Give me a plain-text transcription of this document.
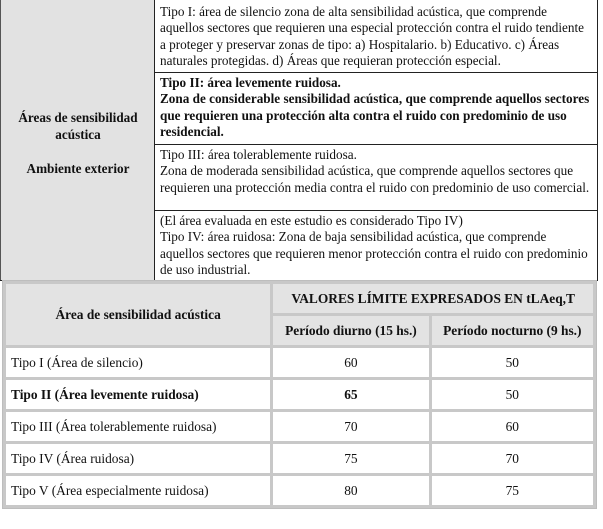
Áreas de sensibilidad acústica
Ambiente exterior
	Tipo I: área de silencio zona de alta sensibilidad acústica, que comprende aquellos sectores que requieren una especial protección contra el ruido tendiente a proteger y preservar zonas de tipo: a) Hospitalario. b) Educativo. c) Áreas naturales protegidas. d) Áreas que requieran protección especial.

Tipo II: área levemente ruidosa.
Zona de considerable sensibilidad acústica, que comprende aquellos sectores que requieren una protección alta contra el ruido con predominio de uso residencial.

Tipo III: área tolerablemente ruidosa.
Zona de moderada sensibilidad acústica, que comprende aquellos sectores que requieren una protección media contra el ruido con predominio de uso comercial.

(El área evaluada en este estudio es considerado Tipo IV)
Tipo IV: área ruidosa: Zona de baja sensibilidad acústica, que comprende aquellos sectores que requieren menor protección contra el ruido con predominio de uso industrial.
Área de sensibilidad acústica	VALORES LÍMITE EXPRESADOS EN tLAeq,T	
	Período diurno (15 hs.)	Período nocturno (9 hs.)
Tipo I (Área de silencio)	60	50
Tipo II (Área levemente ruidosa)	65	50
Tipo III (Área tolerablemente ruidosa)	70	60
Tipo IV (Área ruidosa)	75	70
Tipo V (Área especialmente ruidosa)	80	75
